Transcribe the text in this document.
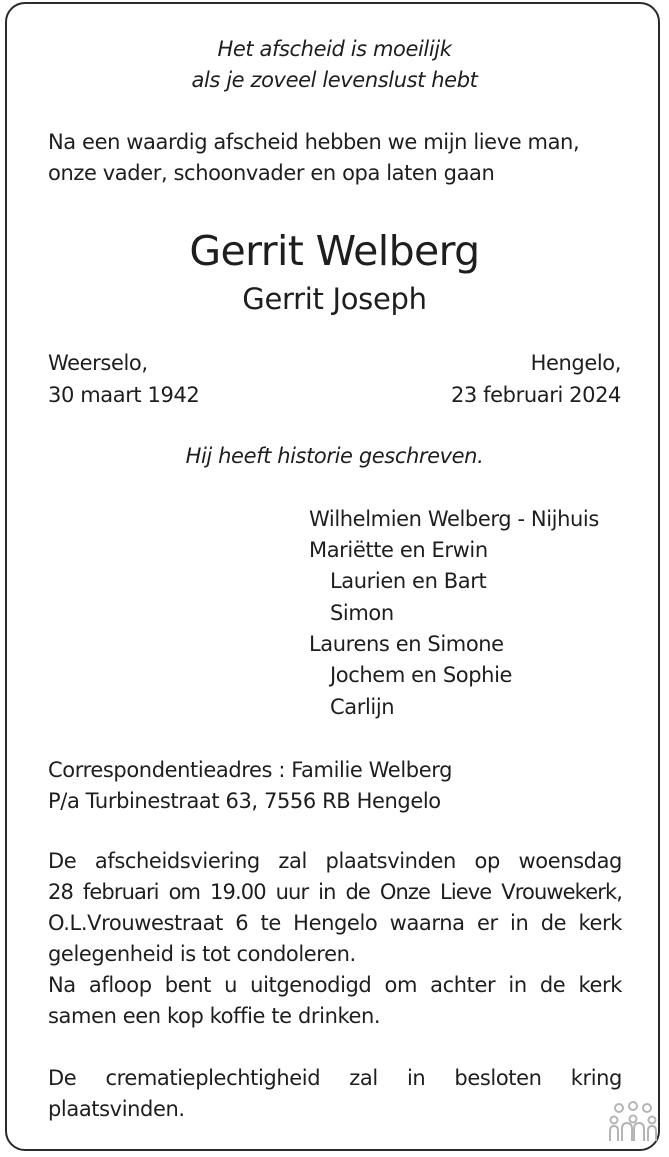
Het afscheid is moeilijk
als je zoveel levenslust hebt
Na een waardig afscheid hebben we mijn lieve man,
onze vader, schoonvader en opa laten gaan
Gerrit Welberg
Gerrit Joseph
Weerselo,
30 maart 1942
Hengelo,
23 februari 2024
Hij heeft historie geschreven.
Wilhelmien Welberg - Nijhuis
Mariëtte en Erwin
Laurien en Bart
Simon
Laurens en Simone
Jochem en Sophie
Carlijn
Correspondentieadres : Familie Welberg
P/a Turbinestraat 63, 7556 RB Hengelo
De afscheidsviering zal plaatsvinden op woensdag
28 februari om 19.00 uur in de Onze Lieve Vrouwekerk,
O.L.Vrouwestraat 6 te Hengelo waarna er in de kerk
gelegenheid is tot condoleren.
Na afloop bent u uitgenodigd om achter in de kerk
samen een kop koffie te drinken.
De crematieplechtigheid zal in besloten kring
plaatsvinden.
